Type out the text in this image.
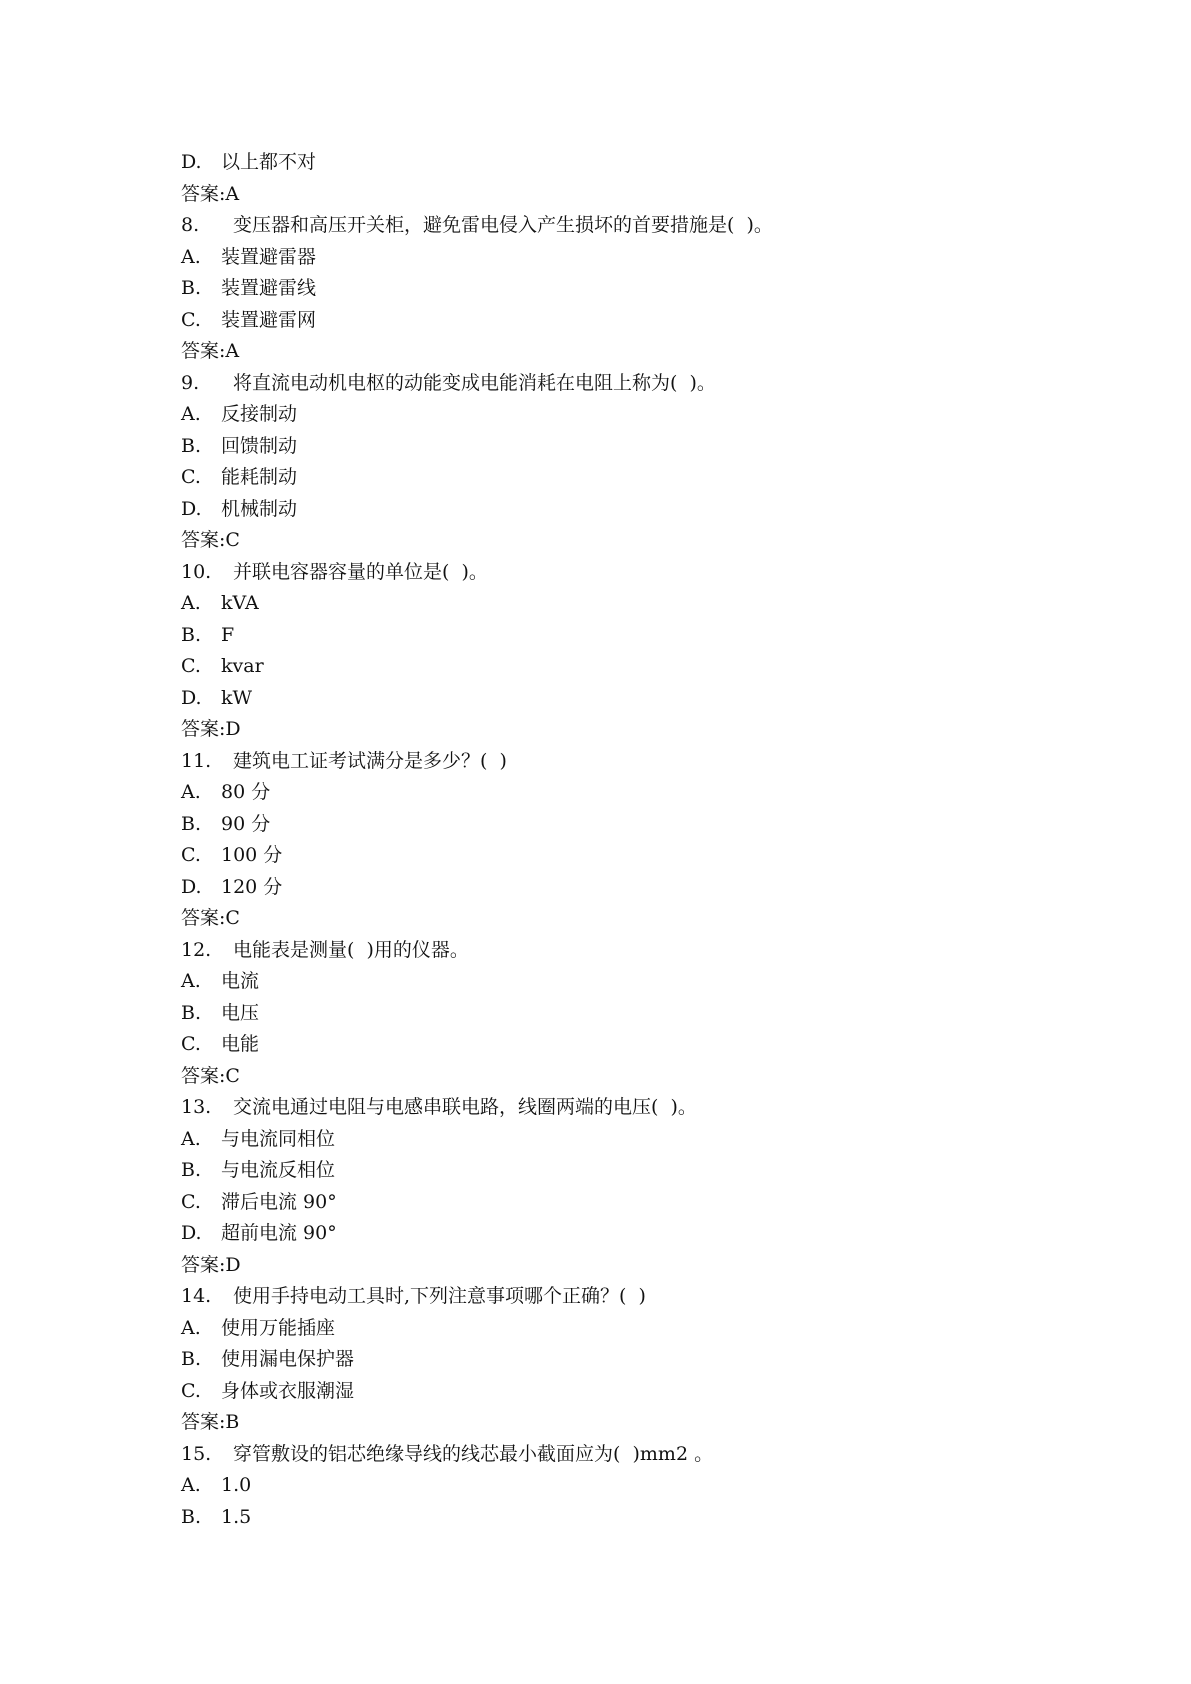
D. 以上都不对
答案:A
8. 变压器和高压开关柜，避免雷电侵入产生损坏的首要措施是(  )。
A. 装置避雷器
B. 装置避雷线
C. 装置避雷网
答案:A
9. 将直流电动机电枢的动能变成电能消耗在电阻上称为(  )。
A. 反接制动
B. 回馈制动
C. 能耗制动
D. 机械制动
答案:C
10. 并联电容器容量的单位是(  )。
A. kVA
B. F
C. kvar
D. kW
答案:D
11. 建筑电工证考试满分是多少？(  )
A. 80 分
B. 90 分
C. 100 分
D. 120 分
答案:C
12. 电能表是测量(  )用的仪器。
A. 电流
B. 电压
C. 电能
答案:C
13. 交流电通过电阻与电感串联电路，线圈两端的电压(  )。
A. 与电流同相位
B. 与电流反相位
C. 滞后电流 90°
D. 超前电流 90°
答案:D
14. 使用手持电动工具时,下列注意事项哪个正确？(  )
A. 使用万能插座
B. 使用漏电保护器
C. 身体或衣服潮湿
答案:B
15. 穿管敷设的铝芯绝缘导线的线芯最小截面应为(  )mm2 。
A. 1.0
B. 1.5
